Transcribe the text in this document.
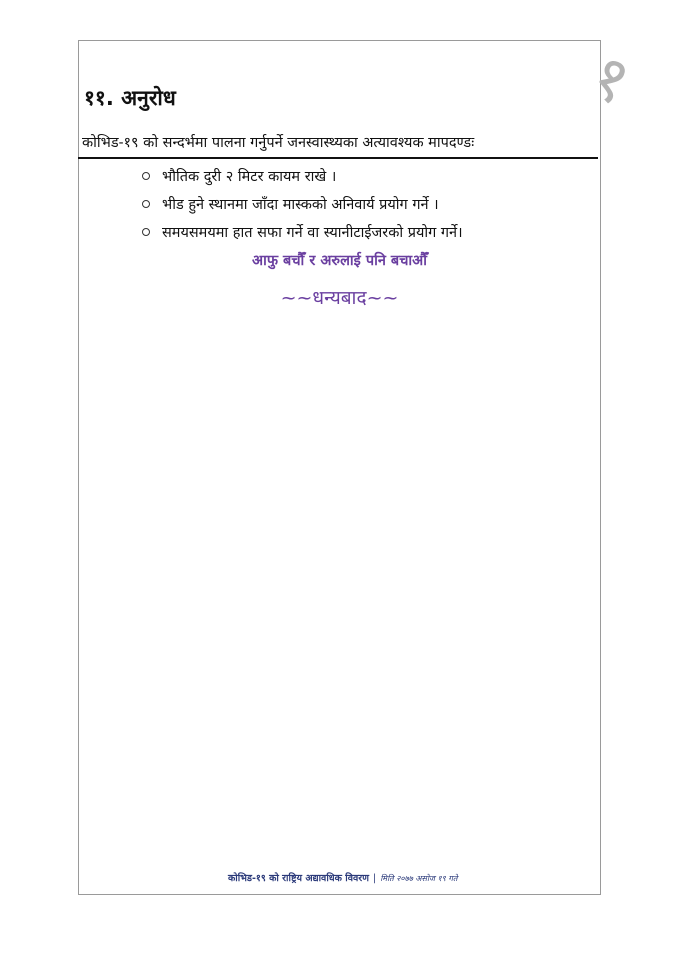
१
११. अनुरोध
कोभिड-१९ को सन्दर्भमा पालना गर्नुपर्ने जनस्वास्थ्यका अत्यावश्यक मापदण्डः
भौतिक दुरी २ मिटर कायम राखे ।
भीड हुने स्थानमा जाँदा मास्कको अनिवार्य प्रयोग गर्ने ।
समयसमयमा हात सफा गर्ने वा स्यानीटाईजरको प्रयोग गर्ने।
आफु बचौँ र अरुलाई पनि बचाऔँ
~~धन्यबाद~~
कोभिड-१९ को राष्ट्रिय अद्यावधिक विवरण | मिति २०७७ असोज १९ गते
